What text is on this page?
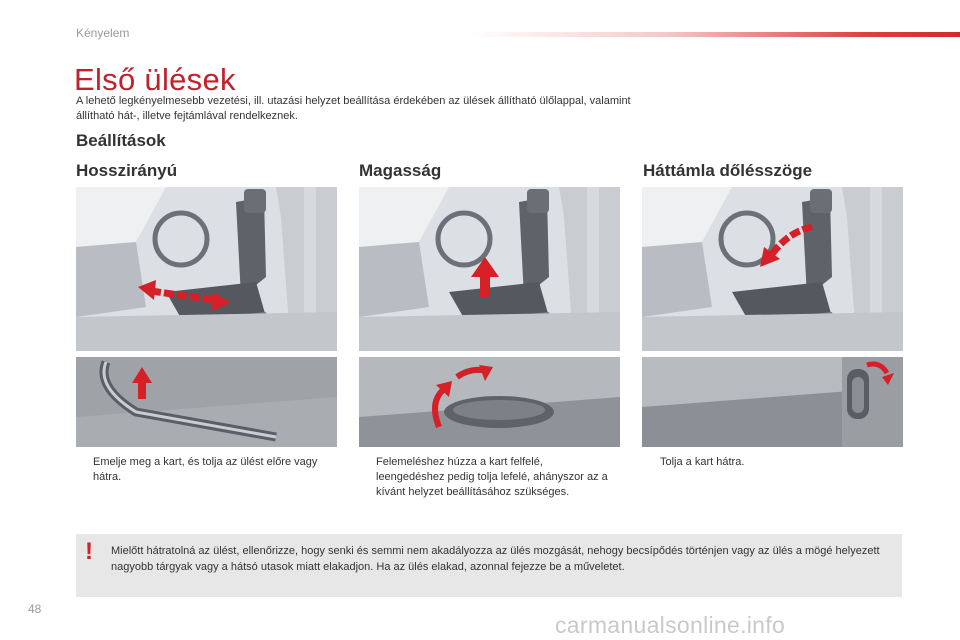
Kényelem
Első ülések
A lehető legkényelmesebb vezetési, ill. utazási helyzet beállítása érdekében az ülések állítható ülőlappal, valamint állítható hát-, illetve fejtámlával rendelkeznek.
Beállítások
Hosszirányú	Magasság	Háttámla dőlésszöge
Emelje meg a kart, és tolja az ülést előre vagy hátra.
Felemeléshez húzza a kart felfelé, leengedéshez pedig tolja lefelé, ahányszor az a kívánt helyzet beállításához szükséges.
Tolja a kart hátra.
! Mielőtt hátratolná az ülést, ellenőrizze, hogy senki és semmi nem akadályozza az ülés mozgását, nehogy becsípődés történjen vagy az ülés a mögé helyezett nagyobb tárgyak vagy a hátsó utasok miatt elakadjon. Ha az ülés elakad, azonnal fejezze be a műveletet.
48
carmanualsonline.info
